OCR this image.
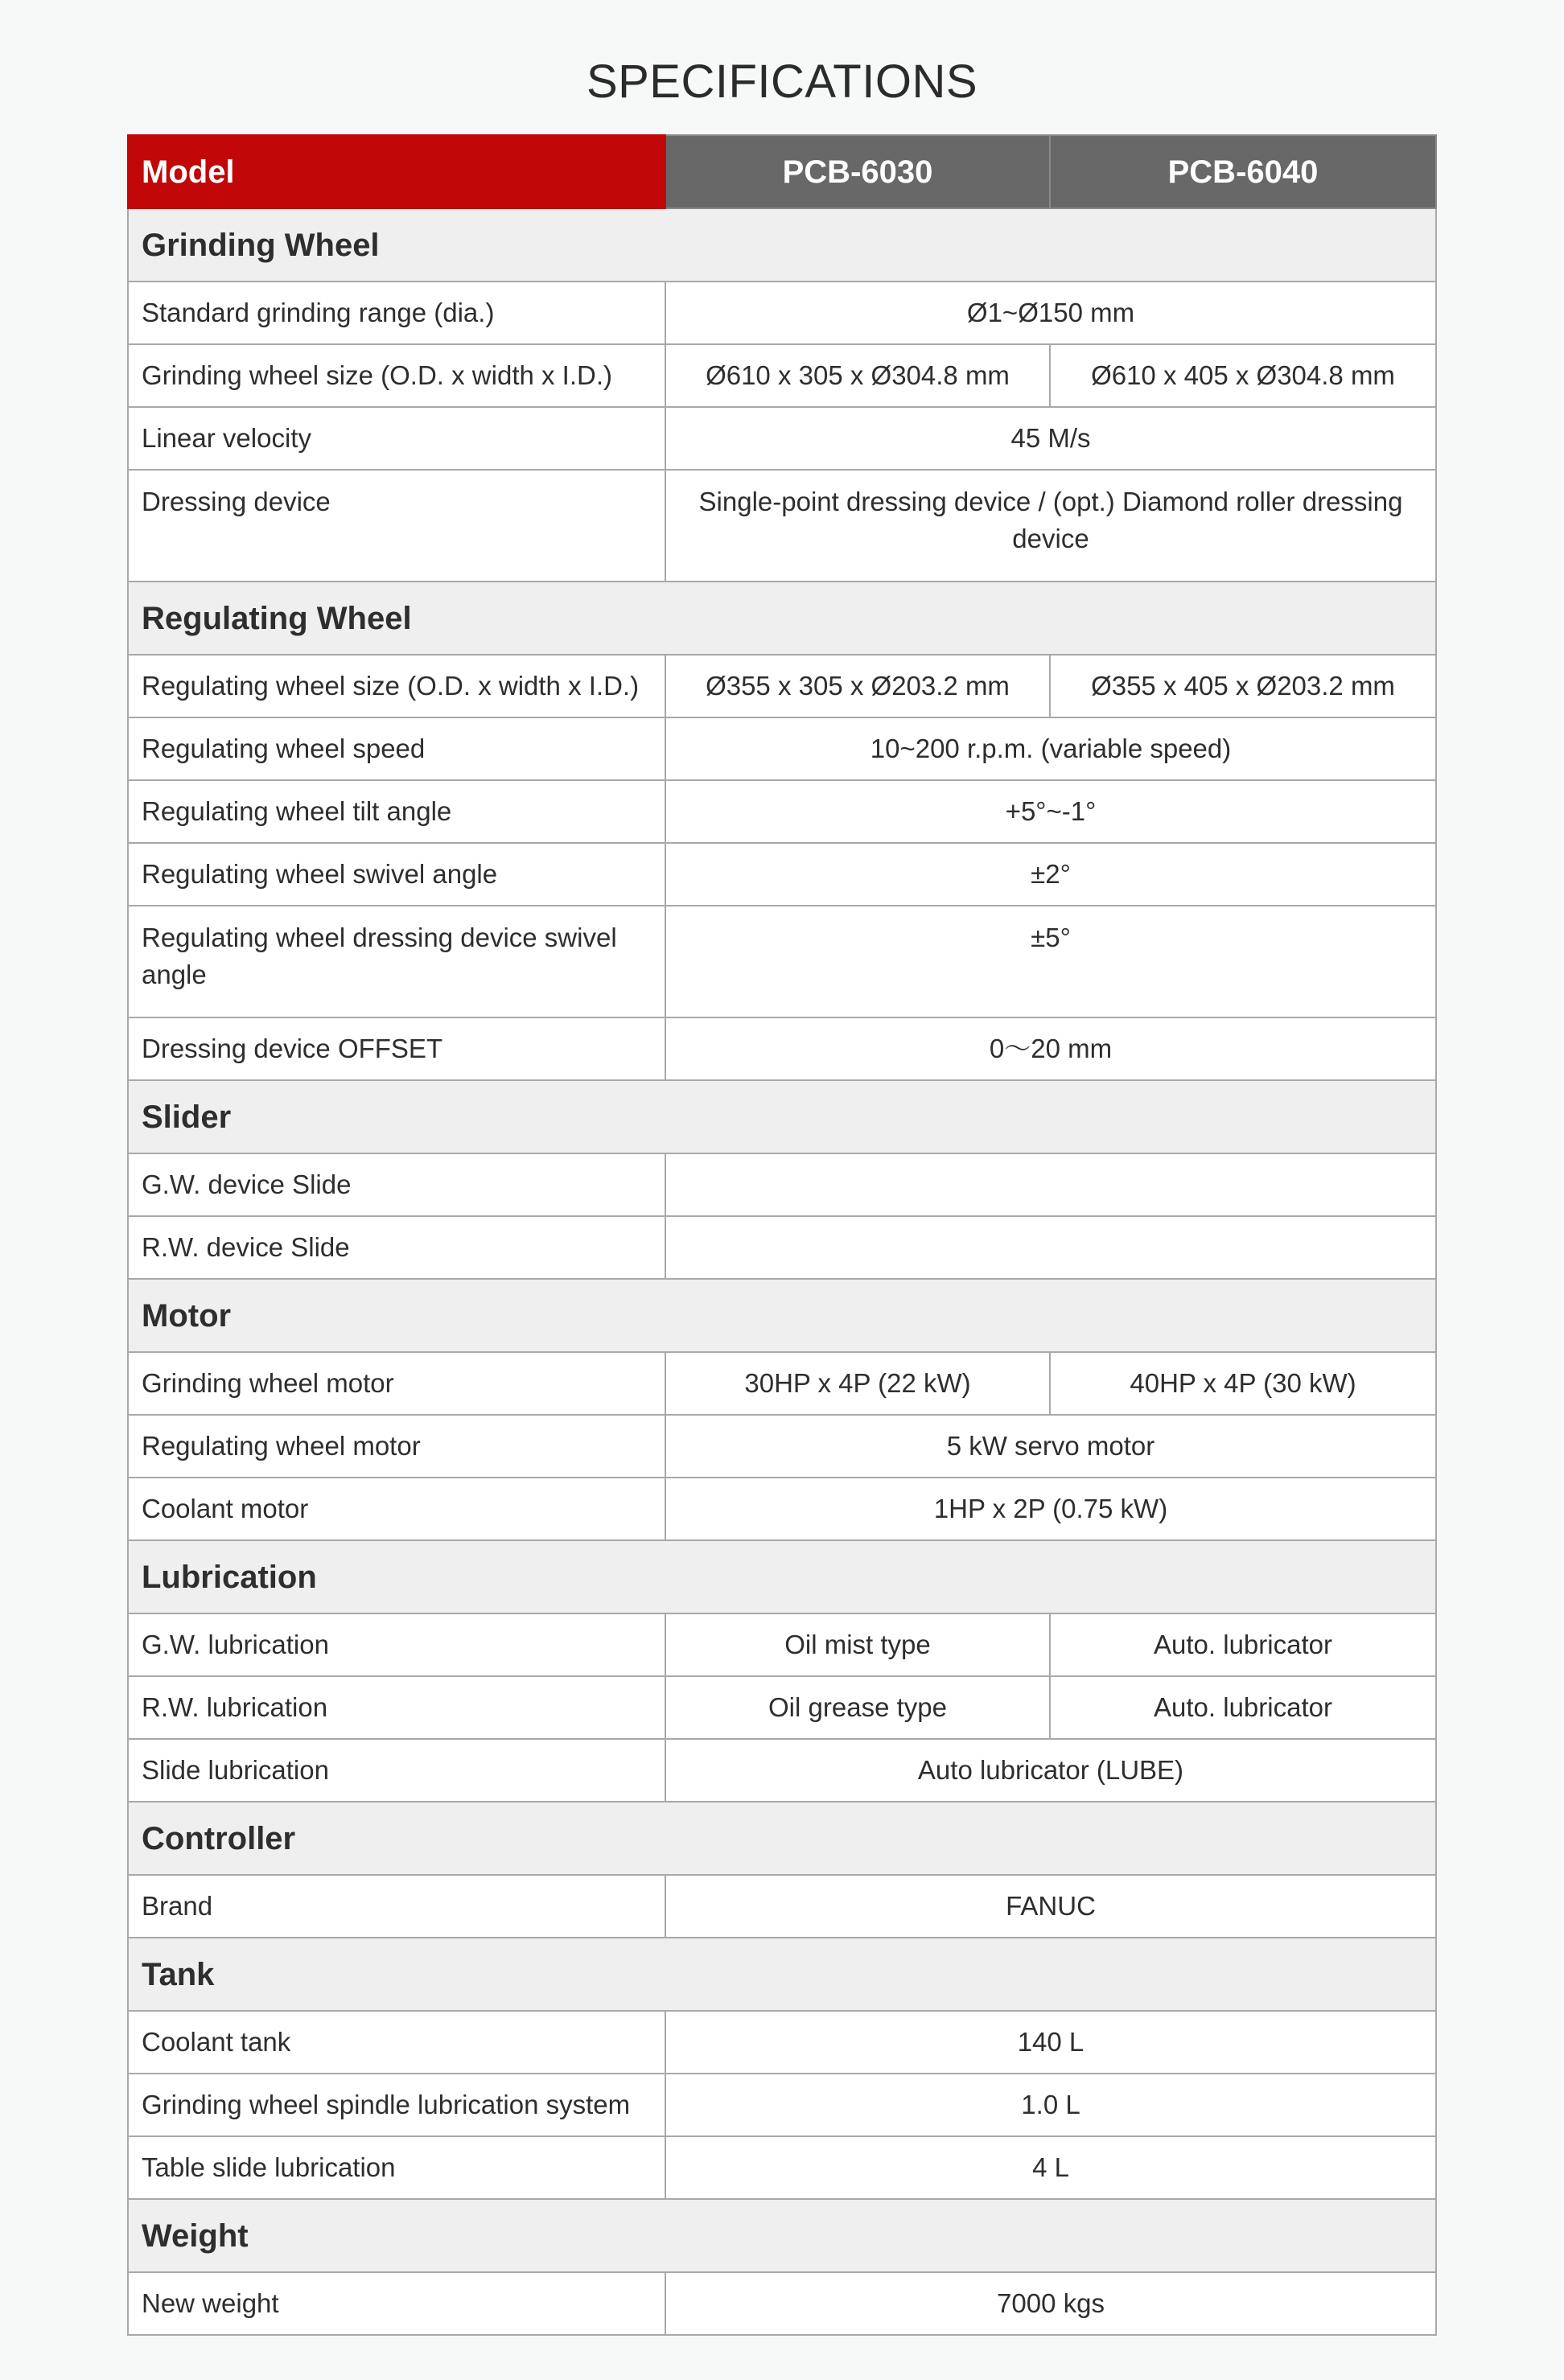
SPECIFICATIONS
Model	PCB-6030	PCB-6040
Grinding Wheel		
Standard grinding range (dia.)	Ø1~Ø150 mm	
Grinding wheel size (O.D. x width x I.D.)	Ø610 x 305 x Ø304.8 mm	Ø610 x 405 x Ø304.8 mm
Linear velocity	45 M/s	
Dressing device	Single-point dressing device / (opt.) Diamond roller dressing device	
Regulating Wheel		
Regulating wheel size (O.D. x width x I.D.)	Ø355 x 305 x Ø203.2 mm	Ø355 x 405 x Ø203.2 mm
Regulating wheel speed	10~200 r.p.m. (variable speed)	
Regulating wheel tilt angle	+5°~-1°	
Regulating wheel swivel angle	±2°	
Regulating wheel dressing device swivel angle	±5°	
Dressing device OFFSET	0～20 mm	
Slider		
G.W. device Slide		
R.W. device Slide		
Motor		
Grinding wheel motor	30HP x 4P (22 kW)	40HP x 4P (30 kW)
Regulating wheel motor	5 kW servo motor	
Coolant motor	1HP x 2P (0.75 kW)	
Lubrication		
G.W. lubrication	Oil mist type	Auto. lubricator
R.W. lubrication	Oil grease type	Auto. lubricator
Slide lubrication	Auto lubricator (LUBE)	
Controller		
Brand	FANUC	
Tank		
Coolant tank	140 L	
Grinding wheel spindle lubrication system	1.0 L	
Table slide lubrication	4 L	
Weight		
New weight	7000 kgs	
